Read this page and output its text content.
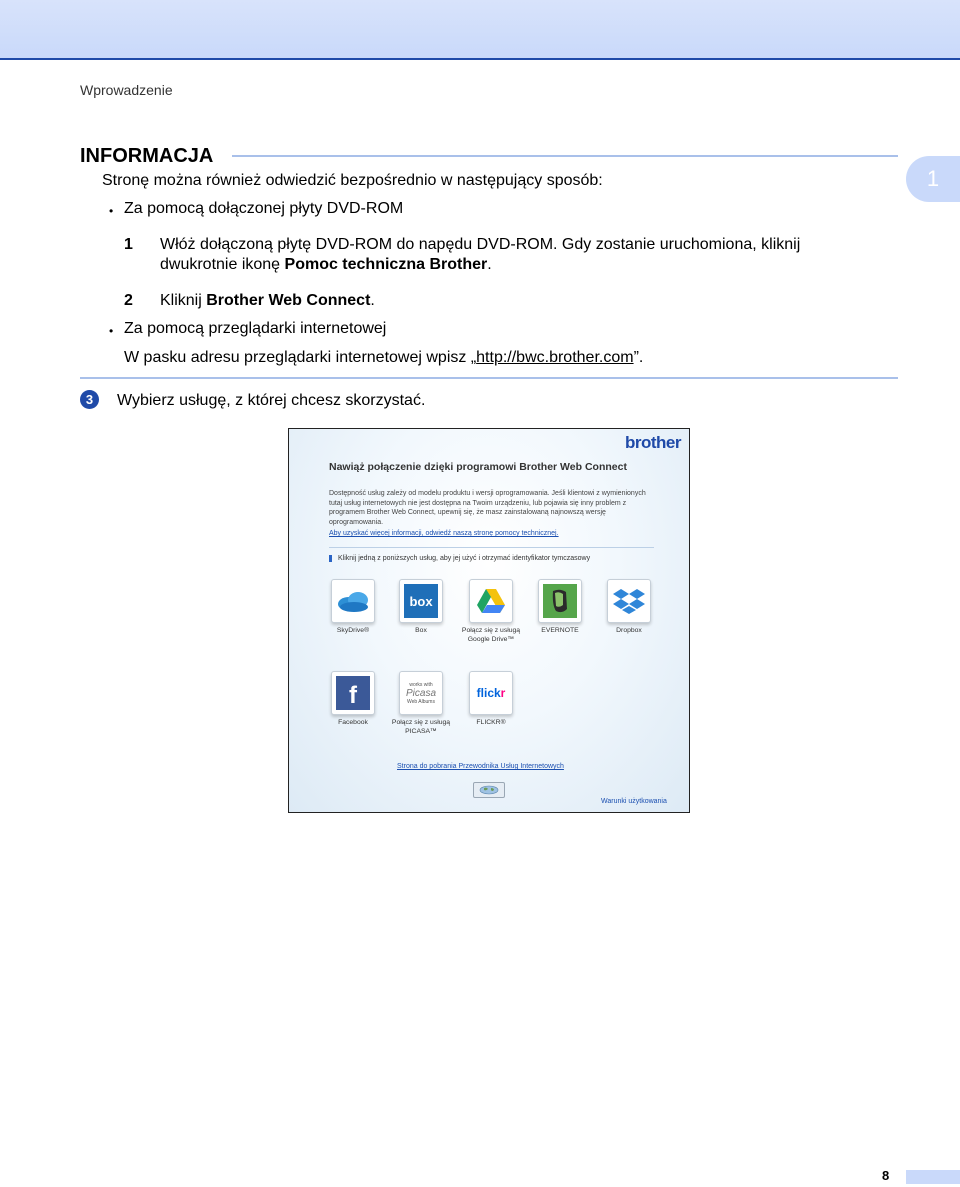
Wprowadzenie
1
INFORMACJA
Stronę można również odwiedzić bezpośrednio w następujący sposób:
• Za pomocą dołączonej płyty DVD-ROM
1 Włóż dołączoną płytę DVD-ROM do napędu DVD-ROM. Gdy zostanie uruchomiona, kliknij
dwukrotnie ikonę Pomoc techniczna Brother.
2 Kliknij Brother Web Connect.
• Za pomocą przeglądarki internetowej
W pasku adresu przeglądarki internetowej wpisz „http://bwc.brother.com”.
3	Wybierz usługę, z której chcesz skorzystać.
brother
Nawiąż połączenie dzięki programowi Brother Web Connect
Dostępność usług zależy od modelu produktu i wersji oprogramowania. Jeśli klientowi z wymienionych tutaj usług internetowych nie jest dostępna na Twoim urządzeniu, lub pojawia się inny problem z programem Brother Web Connect, upewnij się, że masz zainstalowaną najnowszą wersję oprogramowania.
Aby uzyskać więcej informacji, odwiedź naszą stronę pomocy technicznej.
Kliknij jedną z poniższych usług, aby jej użyć i otrzymać identyfikator tymczasowy
SkyDrive®
box
Box	Połącz się z usługą Google Drive™
EVERNOTE	Dropbox
f
Facebook
works with
Picasa
Web Albums
Połącz się z usługą PICASA™
flick r
FLICKR®
Strona do pobrania Przewodnika Usług Internetowych
Warunki użytkowania
8
